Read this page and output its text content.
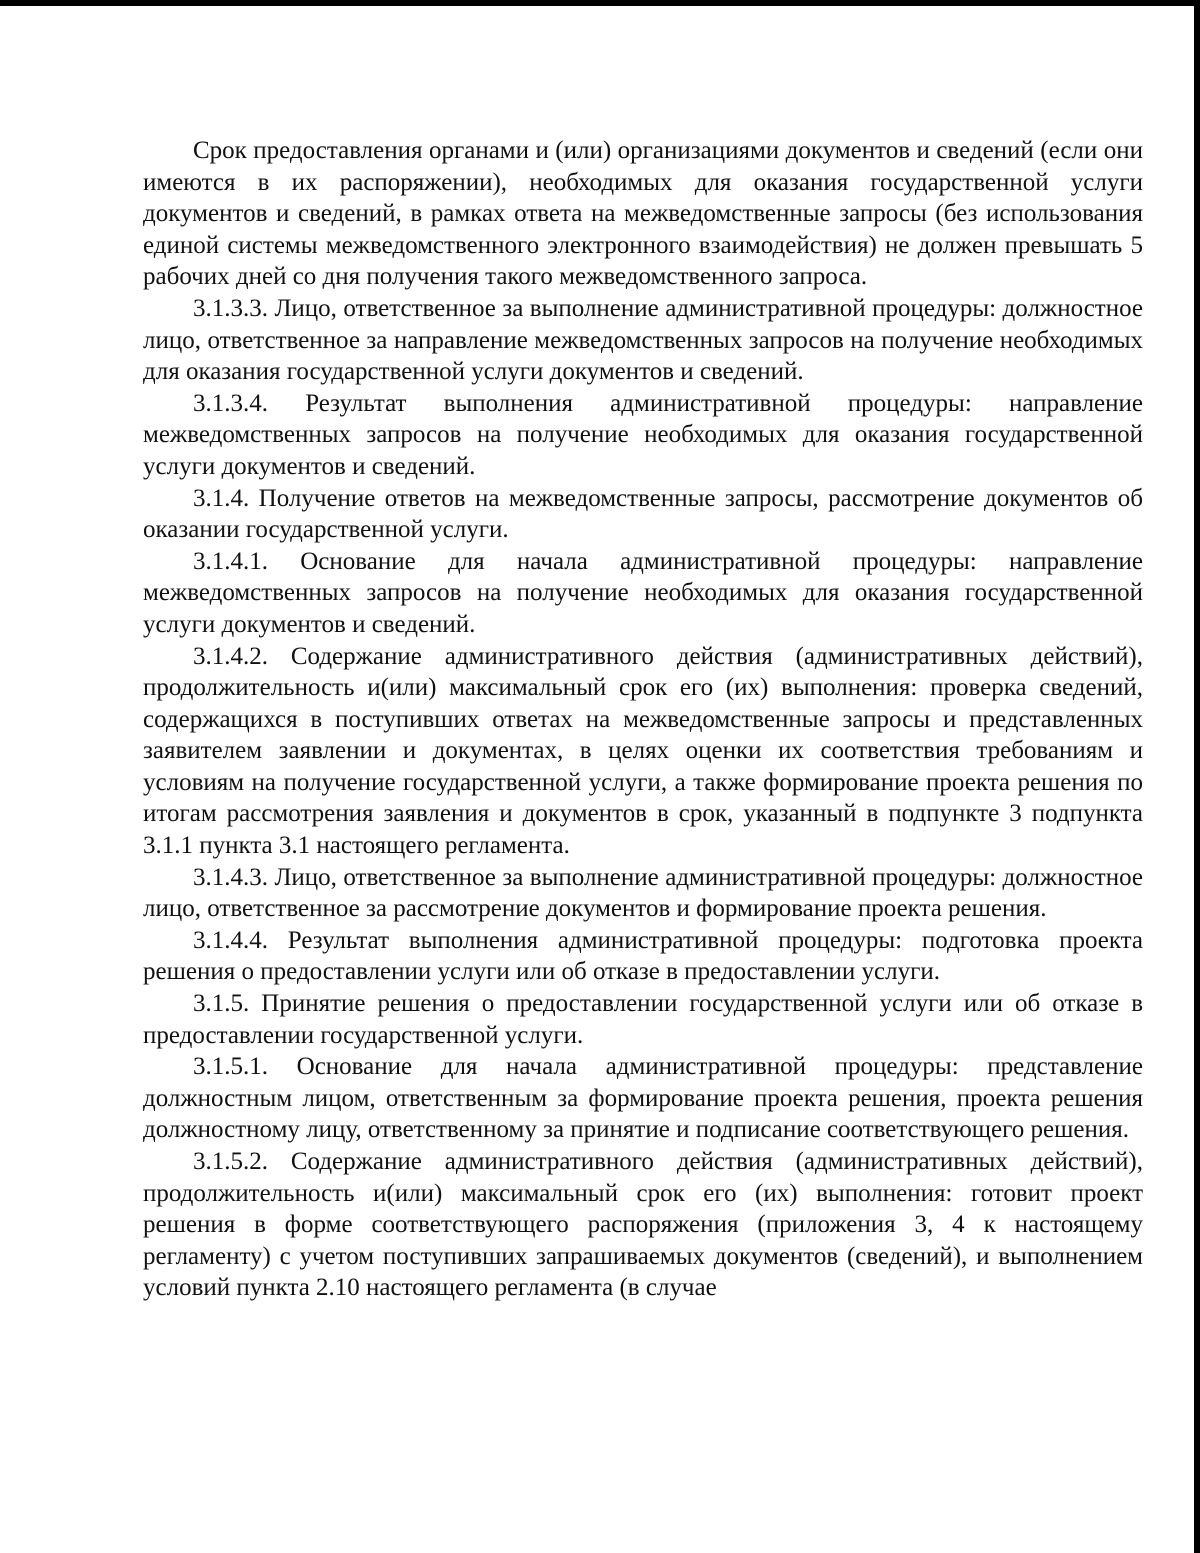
Срок предоставления органами и (или) организациями документов и сведений (если они имеются в их распоряжении), необходимых для оказания государственной услуги документов и сведений, в рамках ответа на межведомственные запросы (без использования единой системы межведомственного электронного взаимодействия) не должен превышать 5 рабочих дней со дня получения такого межведомственного запроса.

3.1.3.3. Лицо, ответственное за выполнение административной процедуры: должностное лицо, ответственное за направление межведомственных запросов на получение необходимых для оказания государственной услуги документов и сведений.

3.1.3.4. Результат выполнения административной процедуры: направление межведомственных запросов на получение необходимых для оказания государственной услуги документов и сведений.

3.1.4. Получение ответов на межведомственные запросы, рассмотрение документов об оказании государственной услуги.

3.1.4.1. Основание для начала административной процедуры: направление межведомственных запросов на получение необходимых для оказания государственной услуги документов и сведений.

3.1.4.2. Содержание административного действия (административных действий), продолжительность и(или) максимальный срок его (их) выполнения: проверка сведений, содержащихся в поступивших ответах на межведомственные запросы и представленных заявителем заявлении и документах, в целях оценки их соответствия требованиям и условиям на получение государственной услуги, а также формирование проекта решения по итогам рассмотрения заявления и документов в срок, указанный в подпункте 3 подпункта 3.1.1 пункта 3.1 настоящего регламента.

3.1.4.3. Лицо, ответственное за выполнение административной процедуры: должностное лицо, ответственное за рассмотрение документов и формирование проекта решения.

3.1.4.4. Результат выполнения административной процедуры: подготовка проекта решения о предоставлении услуги или об отказе в предоставлении услуги.

3.1.5. Принятие решения о предоставлении государственной услуги или об отказе в предоставлении государственной услуги.

3.1.5.1. Основание для начала административной процедуры: представление должностным лицом, ответственным за формирование проекта решения, проекта решения должностному лицу, ответственному за принятие и подписание соответствующего решения.

3.1.5.2. Содержание административного действия (административных действий), продолжительность и(или) максимальный срок его (их) выполнения: готовит проект решения в форме соответствующего распоряжения (приложения 3, 4 к настоящему регламенту) с учетом поступивших запрашиваемых документов (сведений), и выполнением условий пункта 2.10 настоящего регламента (в случае
